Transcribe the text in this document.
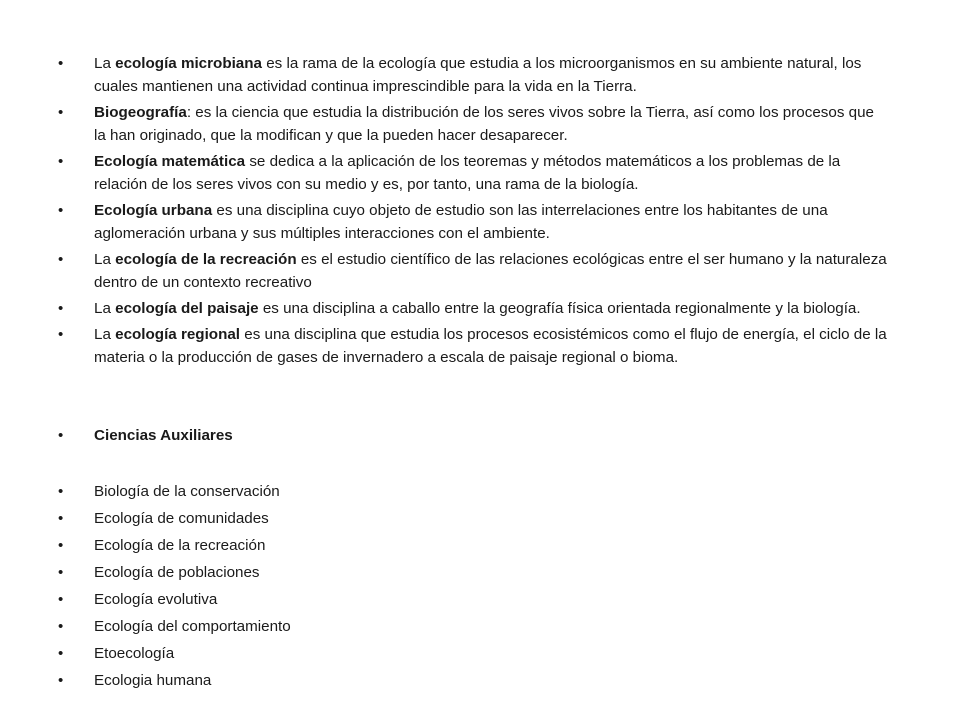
• La ecología microbiana es la rama de la ecología que estudia a los microorganismos en su ambiente natural, los cuales mantienen una actividad continua imprescindible para la vida en la Tierra.
• Biogeografía: es la ciencia que estudia la distribución de los seres vivos sobre la Tierra, así como los procesos que la han originado, que la modifican y que la pueden hacer desaparecer.
• Ecología matemática se dedica a la aplicación de los teoremas y métodos matemáticos a los problemas de la relación de los seres vivos con su medio y es, por tanto, una rama de la biología.
• Ecología urbana es una disciplina cuyo objeto de estudio son las interrelaciones entre los habitantes de una aglomeración urbana y sus múltiples interacciones con el ambiente.
• La ecología de la recreación es el estudio científico de las relaciones ecológicas entre el ser humano y la naturaleza dentro de un contexto recreativo
• La ecología del paisaje es una disciplina a caballo entre la geografía física orientada regionalmente y la biología.
• La ecología regional es una disciplina que estudia los procesos ecosistémicos como el flujo de energía, el ciclo de la materia o la producción de gases de invernadero a escala de paisaje regional o bioma.
• Ciencias Auxiliares
• Biología de la conservación
• Ecología de comunidades
• Ecología de la recreación
• Ecología de poblaciones
• Ecología evolutiva
• Ecología del comportamiento
• Etoecología
• Ecologia humana
